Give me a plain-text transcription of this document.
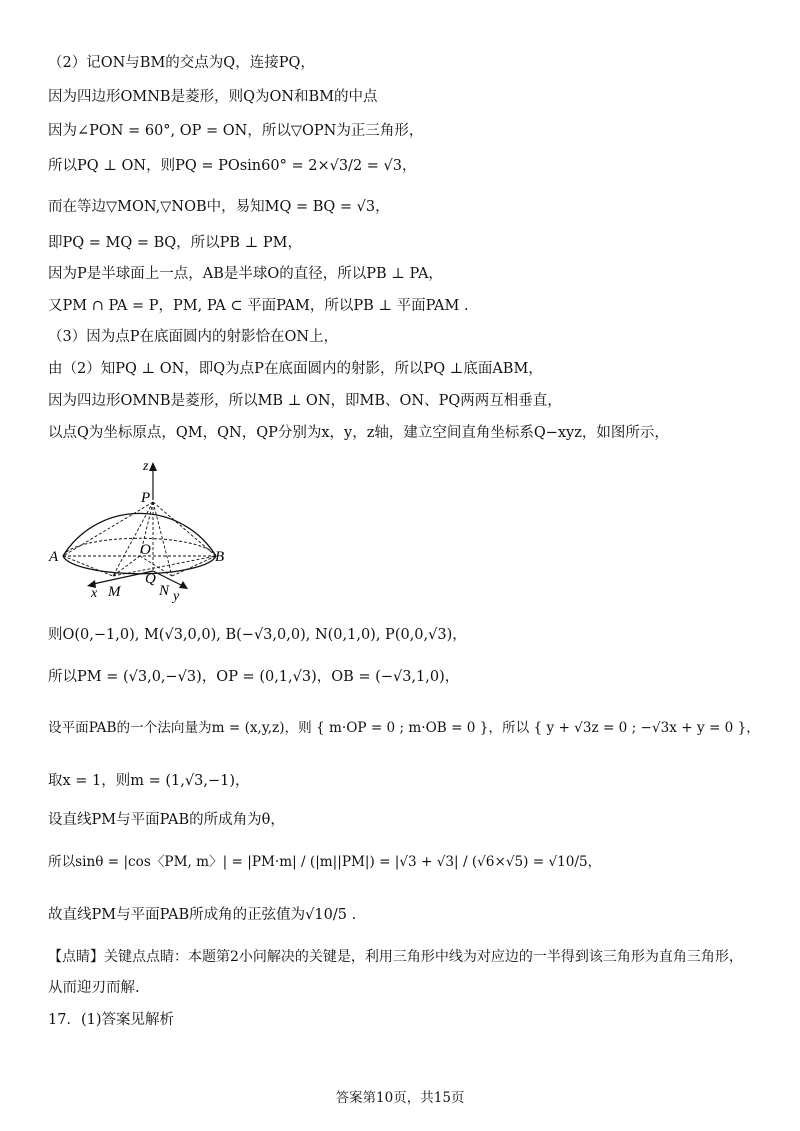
（2）记ON与BM的交点为Q，连接PQ，
因为四边形OMNB是菱形，则Q为ON和BM的中点
因为∠PON = 60°, OP = ON，所以▽OPN为正三角形，
所以PQ ⊥ ON，则PQ = POsin60° = 2×√3/2 = √3，
而在等边▽MON,▽NOB中，易知MQ = BQ = √3，
即PQ = MQ = BQ，所以PB ⊥ PM，
因为P是半球面上一点，AB是半球O的直径，所以PB ⊥ PA，
又PM ∩ PA = P，PM, PA ⊂ 平面PAM，所以PB ⊥ 平面PAM .
（3）因为点P在底面圆内的射影恰在ON上，
由（2）知PQ ⊥ ON，即Q为点P在底面圆内的射影，所以PQ ⊥底面ABM，
因为四边形OMNB是菱形，所以MB ⊥ ON，即MB、ON、PQ两两互相垂直，
以点Q为坐标原点，QM，QN，QP分别为x，y，z轴，建立空间直角坐标系Q−xyz，如图所示，
z
P
A	O	B
Q
x M	N y
则O(0,−1,0), M(√3,0,0), B(−√3,0,0), N(0,1,0), P(0,0,√3)，
所以PM = (√3,0,−√3)，OP = (0,1,√3)，OB = (−√3,1,0)，
设平面PAB的一个法向量为m = (x,y,z)，则 { m·OP = 0 ; m·OB = 0 }，所以 { y + √3z = 0 ; −√3x + y = 0 }，
取x = 1，则m = (1,√3,−1)，
设直线PM与平面PAB的所成角为θ，
所以sinθ = |cos〈PM, m〉| = |PM·m| / (|m||PM|) = |√3 + √3| / (√6×√5) = √10/5，
故直线PM与平面PAB所成角的正弦值为√10/5 .
【点睛】关键点点睛：本题第2小问解决的关键是，利用三角形中线为对应边的一半得到该三角形为直角三角形，
从而迎刃而解.
17．(1)答案见解析
答案第10页，共15页
